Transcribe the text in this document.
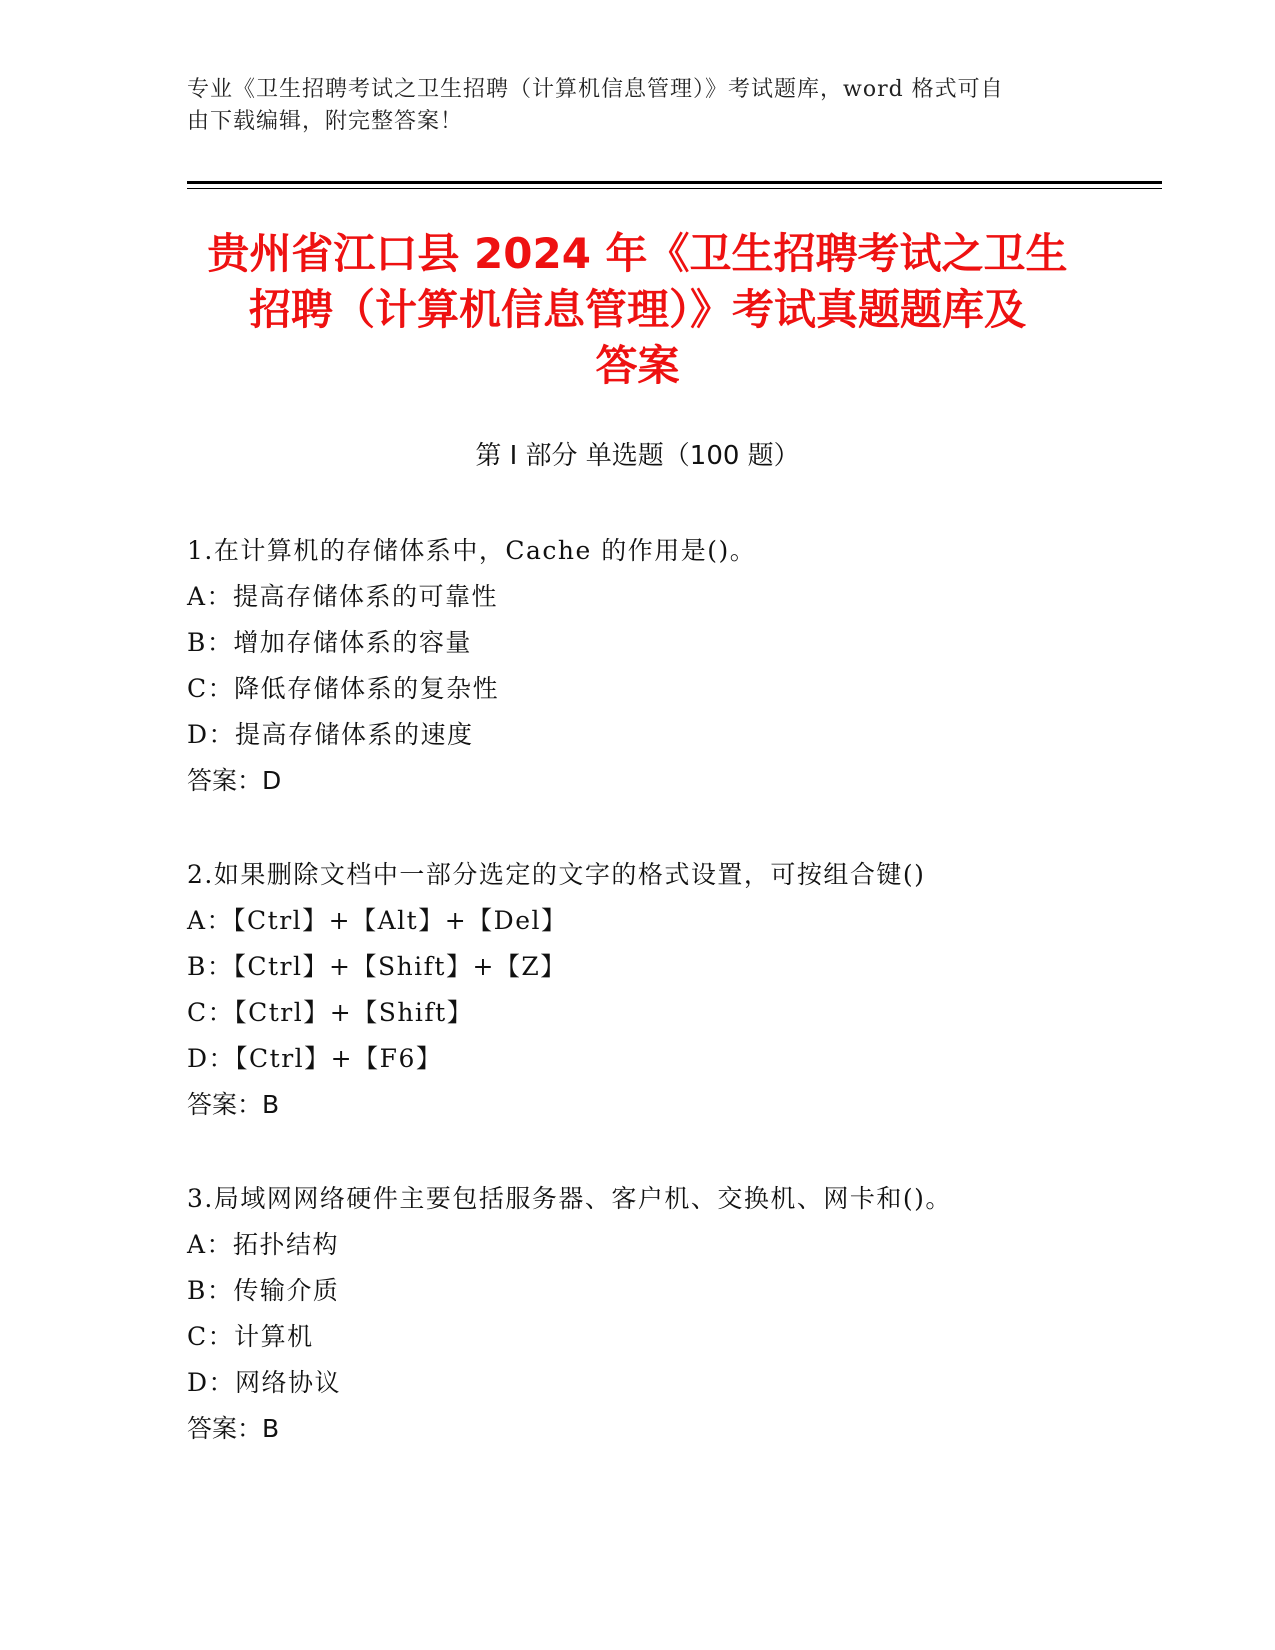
专业《卫生招聘考试之卫生招聘（计算机信息管理）》考试题库，word 格式可自
由下载编辑，附完整答案！
贵州省江口县 2024 年《卫生招聘考试之卫生
招聘（计算机信息管理）》考试真题题库及
答案
第 I 部分 单选题（100 题）
1.在计算机的存储体系中，Cache 的作用是()。
A：提高存储体系的可靠性
B：增加存储体系的容量
C：降低存储体系的复杂性
D：提高存储体系的速度
答案：D
2.如果删除文档中一部分选定的文字的格式设置，可按组合键()
A：【Ctrl】+【Alt】+【Del】
B：【Ctrl】+【Shift】+【Z】
C：【Ctrl】+【Shift】
D：【Ctrl】+【F6】
答案：B
3.局域网网络硬件主要包括服务器、客户机、交换机、网卡和()。
A：拓扑结构
B：传输介质
C：计算机
D：网络协议
答案：B
